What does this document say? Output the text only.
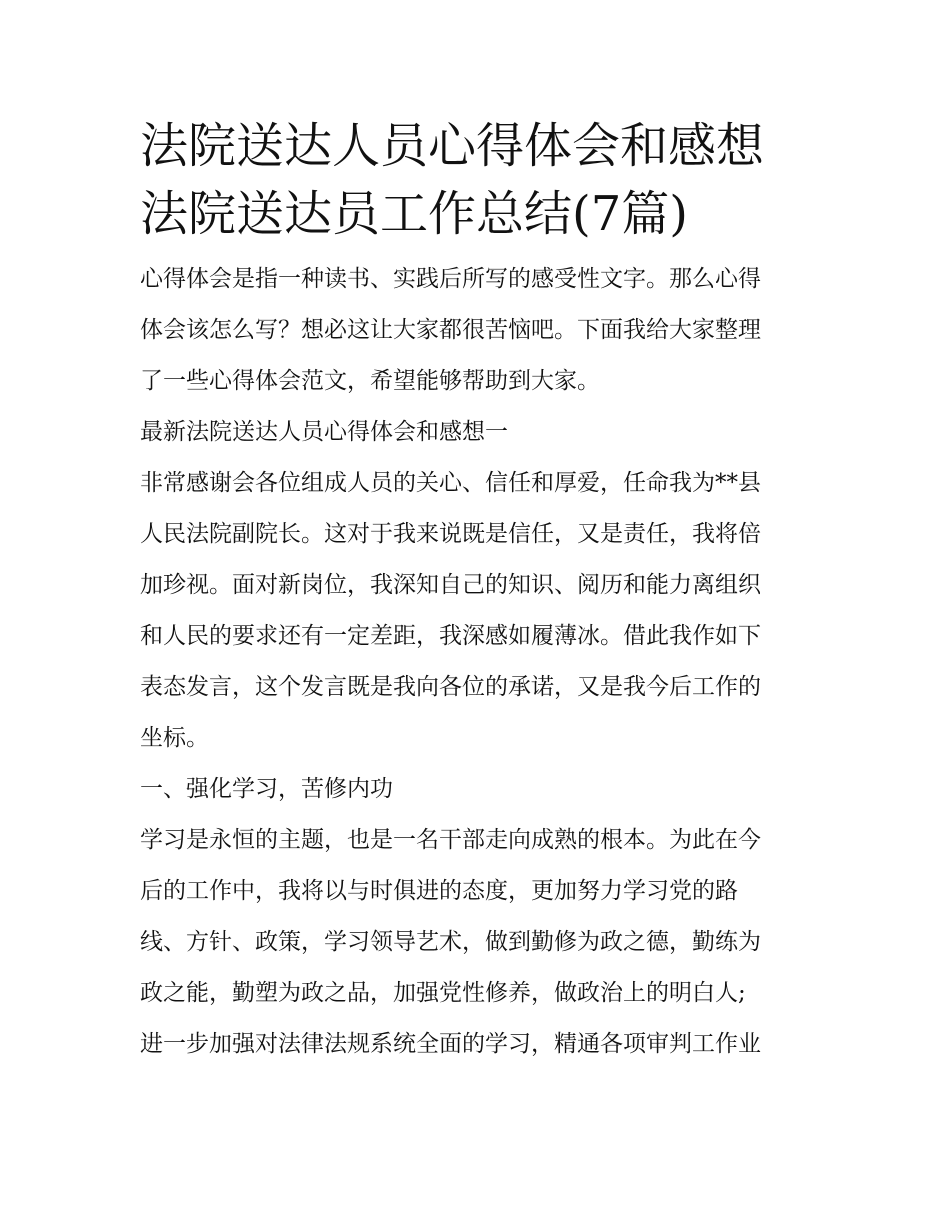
法院送达人员心得体会和感想
法院送达员工作总结(7篇)

心得体会是指一种读书、实践后所写的感受性文字。那么心得
体会该怎么写？想必这让大家都很苦恼吧。下面我给大家整理
了一些心得体会范文，希望能够帮助到大家。

最新法院送达人员心得体会和感想一

非常感谢会各位组成人员的关心、信任和厚爱，任命我为**县
人民法院副院长。这对于我来说既是信任，又是责任，我将倍
加珍视。面对新岗位，我深知自己的知识、阅历和能力离组织
和人民的要求还有一定差距，我深感如履薄冰。借此我作如下
表态发言，这个发言既是我向各位的承诺，又是我今后工作的
坐标。

一、强化学习，苦修内功

学习是永恒的主题，也是一名干部走向成熟的根本。为此在今
后的工作中，我将以与时俱进的态度，更加努力学习党的路
线、方针、政策，学习领导艺术，做到勤修为政之德，勤练为
政之能，勤塑为政之品，加强党性修养，做政治上的明白人;
进一步加强对法律法规系统全面的学习，精通各项审判工作业
